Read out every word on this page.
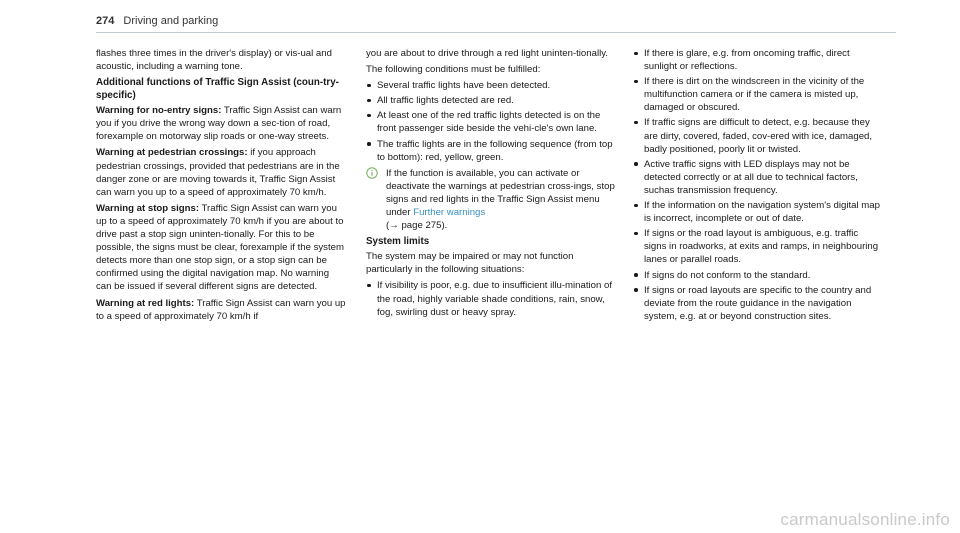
274 Driving and parking

flashes three times in the driver's display) or vis-ual and acoustic, including a warning tone.

Additional functions of Traffic Sign Assist (coun-try-specific)

Warning for no-entry signs: Traffic Sign Assist can warn you if you drive the wrong way down a sec-tion of road, forexample on motorway slip roads or one-way streets.

Warning at pedestrian crossings: if you approach pedestrian crossings, provided that pedestrians are in the danger zone or are moving towards it, Traffic Sign Assist can warn you up to a speed of approximately 70 km/h.

Warning at stop signs: Traffic Sign Assist can warn you up to a speed of approximately 70 km/h if you are about to drive past a stop sign uninten-tionally. For this to be possible, the signs must be clear, forexample if the system detects more than one stop sign, or a stop sign can be confirmed using the digital navigation map. No warning can be issued if several different signs are detected.

Warning at red lights: Traffic Sign Assist can warn you up to a speed of approximately 70 km/h if

you are about to drive through a red light uninten-tionally.

The following conditions must be fulfilled:

Several traffic lights have been detected.
All traffic lights detected are red.
At least one of the red traffic lights detected is on the front passenger side beside the vehi-cle's own lane.
The traffic lights are in the following sequence (from top to bottom): red, yellow, green.
If the function is available, you can activate or deactivate the warnings at pedestrian cross-ings, stop signs and red lights in the Traffic Sign Assist menu under Further warnings
(→ page 275).
System limits

The system may be impaired or may not function particularly in the following situations:

If visibility is poor, e.g. due to insufficient illu-mination of the road, highly variable shade conditions, rain, snow, fog, swirling dust or heavy spray.
If there is glare, e.g. from oncoming traffic, direct sunlight or reflections.
If there is dirt on the windscreen in the vicinity of the multifunction camera or if the camera is misted up, damaged or obscured.
If traffic signs are difficult to detect, e.g. because they are dirty, covered, faded, cov-ered with ice, damaged, badly positioned, poorly lit or twisted.
Active traffic signs with LED displays may not be detected correctly or at all due to technical factors, suchas transmission frequency.
If the information on the navigation system's digital map is incorrect, incomplete or out of date.
If signs or the road layout is ambiguous, e.g. traffic signs in roadworks, at exits and ramps, in neighbouring lanes or parallel roads.
If signs do not conform to the standard.
If signs or road layouts are specific to the country and deviate from the route guidance in the navigation system, e.g. at or beyond construction sites.
carmanualsonline.info
